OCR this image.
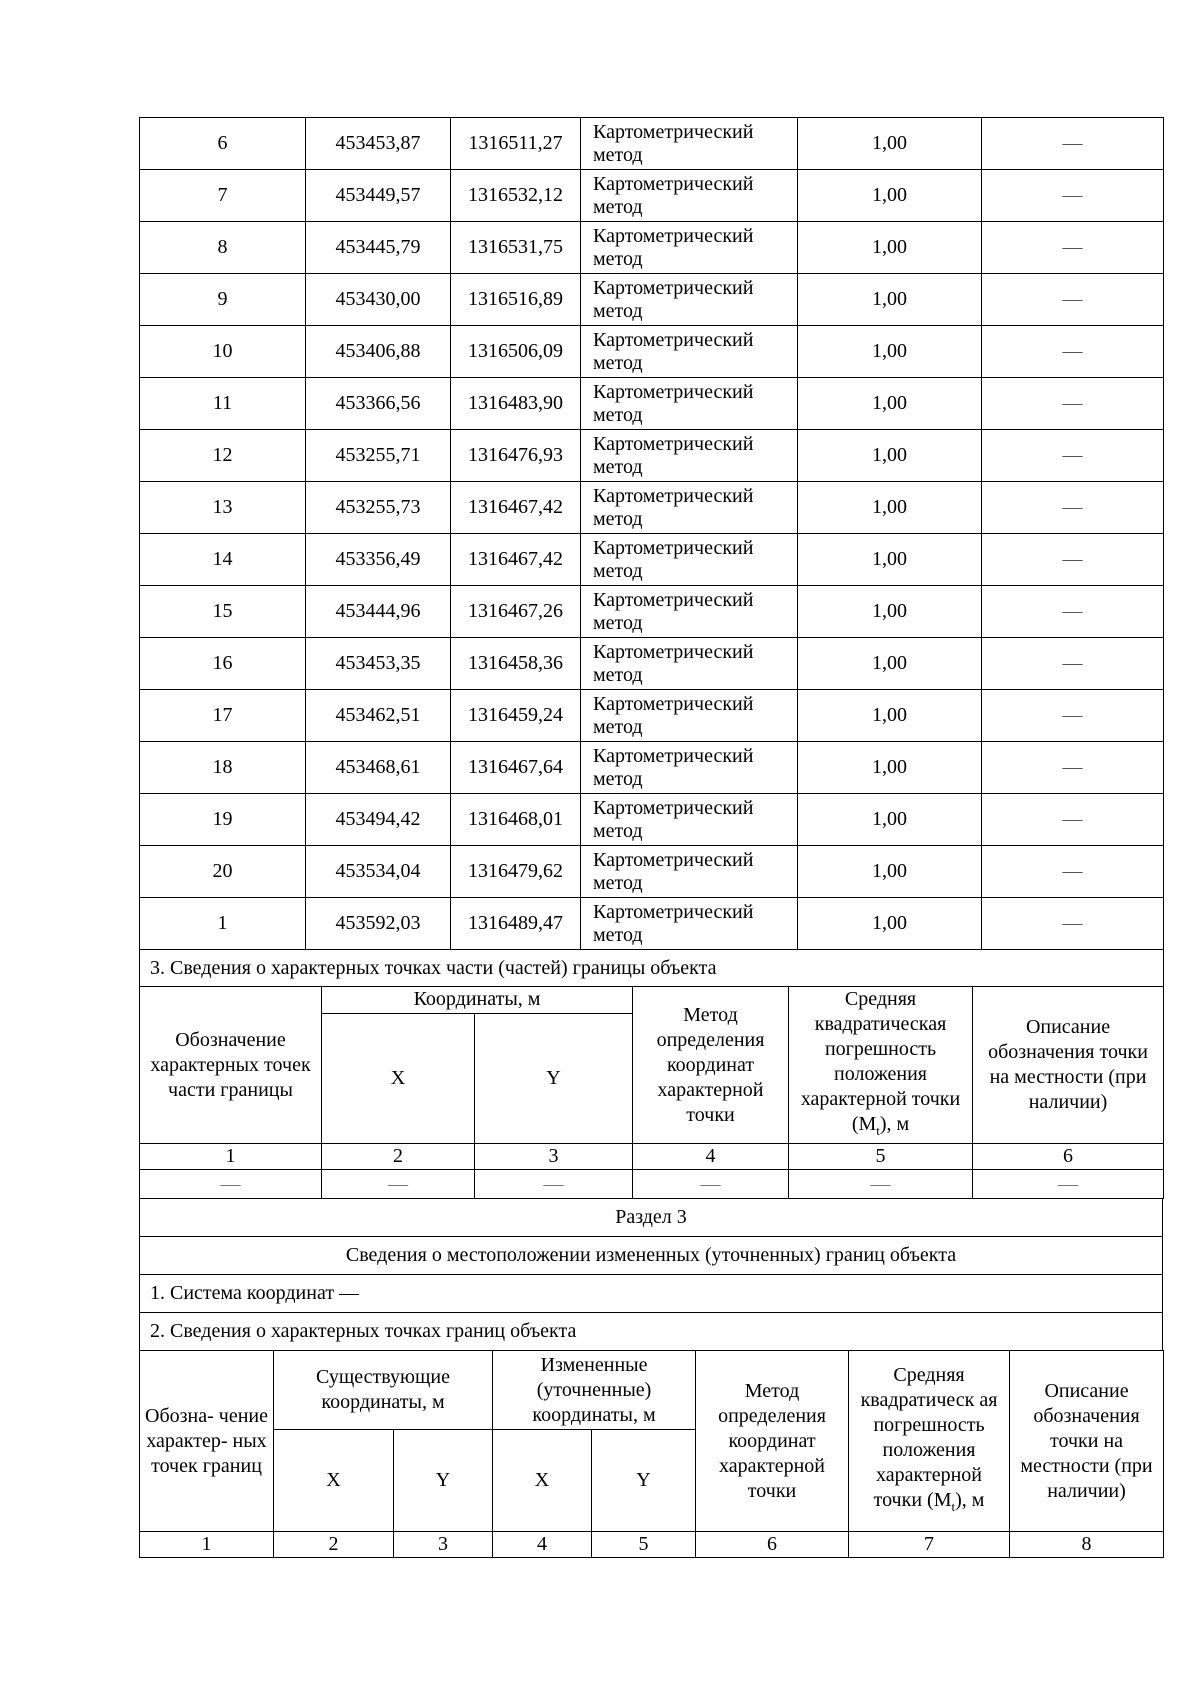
6	453453,87	1316511,27	Картометрический метод	1,00	—
7	453449,57	1316532,12	Картометрический метод	1,00	—
8	453445,79	1316531,75	Картометрический метод	1,00	—
9	453430,00	1316516,89	Картометрический метод	1,00	—
10	453406,88	1316506,09	Картометрический метод	1,00	—
11	453366,56	1316483,90	Картометрический метод	1,00	—
12	453255,71	1316476,93	Картометрический метод	1,00	—
13	453255,73	1316467,42	Картометрический метод	1,00	—
14	453356,49	1316467,42	Картометрический метод	1,00	—
15	453444,96	1316467,26	Картометрический метод	1,00	—
16	453453,35	1316458,36	Картометрический метод	1,00	—
17	453462,51	1316459,24	Картометрический метод	1,00	—
18	453468,61	1316467,64	Картометрический метод	1,00	—
19	453494,42	1316468,01	Картометрический метод	1,00	—
20	453534,04	1316479,62	Картометрический метод	1,00	—
1	453592,03	1316489,47	Картометрический метод	1,00	—
3. Сведения о характерных точках части (частей) границы объекта					
Обозначение характерных точек части границы	Координаты, м		Метод определения координат характерной точки	Средняя квадратическая погрешность положения характерной точки $(M_t)$, м	Описание обозначения точки на местности (при наличии)
	X	Y			
1	2	3	4	5	6
—	—	—	—	—	—
Раздел 3
Сведения о местоположении измененных (уточненных) границ объекта
1. Система координат —
2. Сведения о характерных точках границ объекта
Обозна- чение характер- ных точек границ	Существующие координаты, м		Измененные (уточненные) координаты, м		Метод определения координат характерной точки	Средняя квадратическ ая погрешность положения характерной точки $(M_t)$, м	Описание обозначения точки на местности (при наличии)
	X	Y	X	Y			
1	2	3	4	5	6	7	8
